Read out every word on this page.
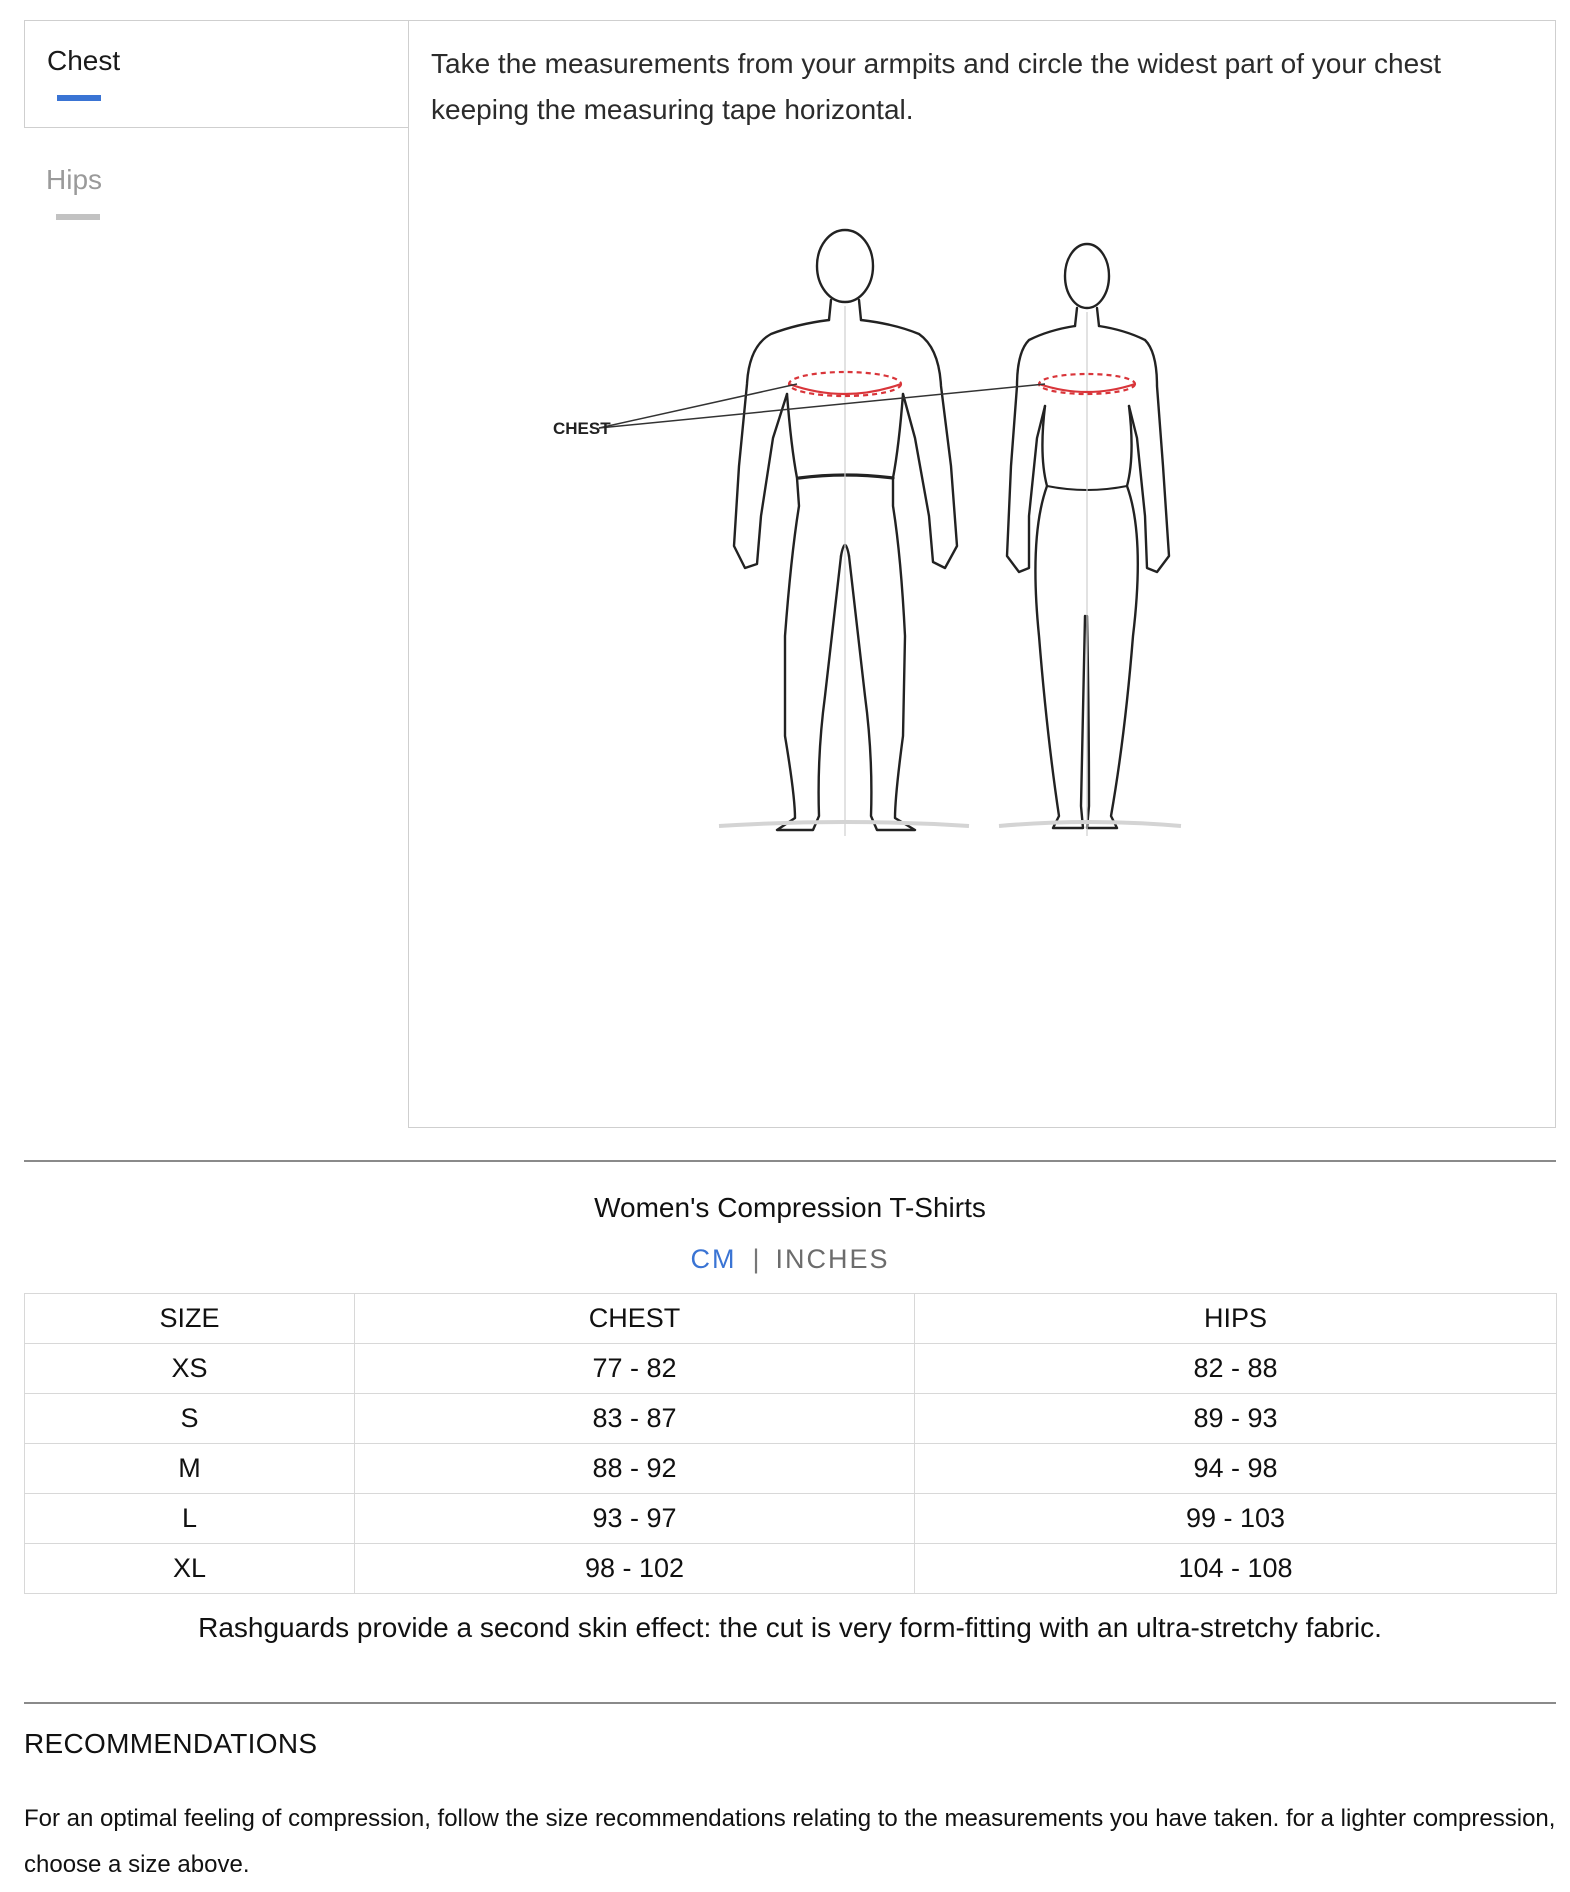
Chest
Hips
Take the measurements from your armpits and circle the widest part of your chest keeping the measuring tape horizontal.
CHEST
Women's Compression T-Shirts
CM | INCHES
SIZE	CHEST	HIPS
XS	77 - 82	82 - 88
S	83 - 87	89 - 93
M	88 - 92	94 - 98
L	93 - 97	99 - 103
XL	98 - 102	104 - 108
Rashguards provide a second skin effect: the cut is very form-fitting with an ultra-stretchy fabric.
RECOMMENDATIONS
For an optimal feeling of compression, follow the size recommendations relating to the measurements you have taken. for a lighter compression, choose a size above.
